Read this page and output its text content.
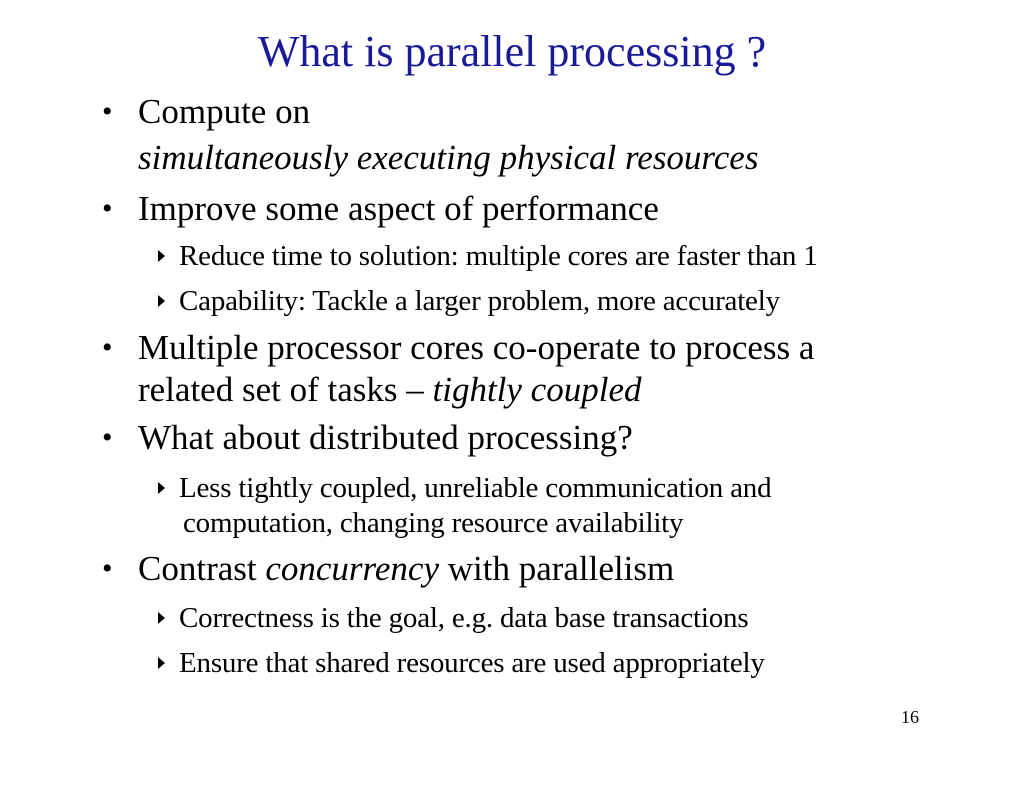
What is parallel processing ?
• Compute on
simultaneously executing physical resources
• Improve some aspect of performance
Reduce time to solution: multiple cores are faster than 1
Capability: Tackle a larger problem, more accurately
• Multiple processor cores co-operate to process a
related set of tasks – tightly coupled
• What about distributed processing?
Less tightly coupled, unreliable communication and
computation, changing resource availability
• Contrast concurrency with parallelism
Correctness is the goal, e.g. data base transactions
Ensure that shared resources are used appropriately
16
